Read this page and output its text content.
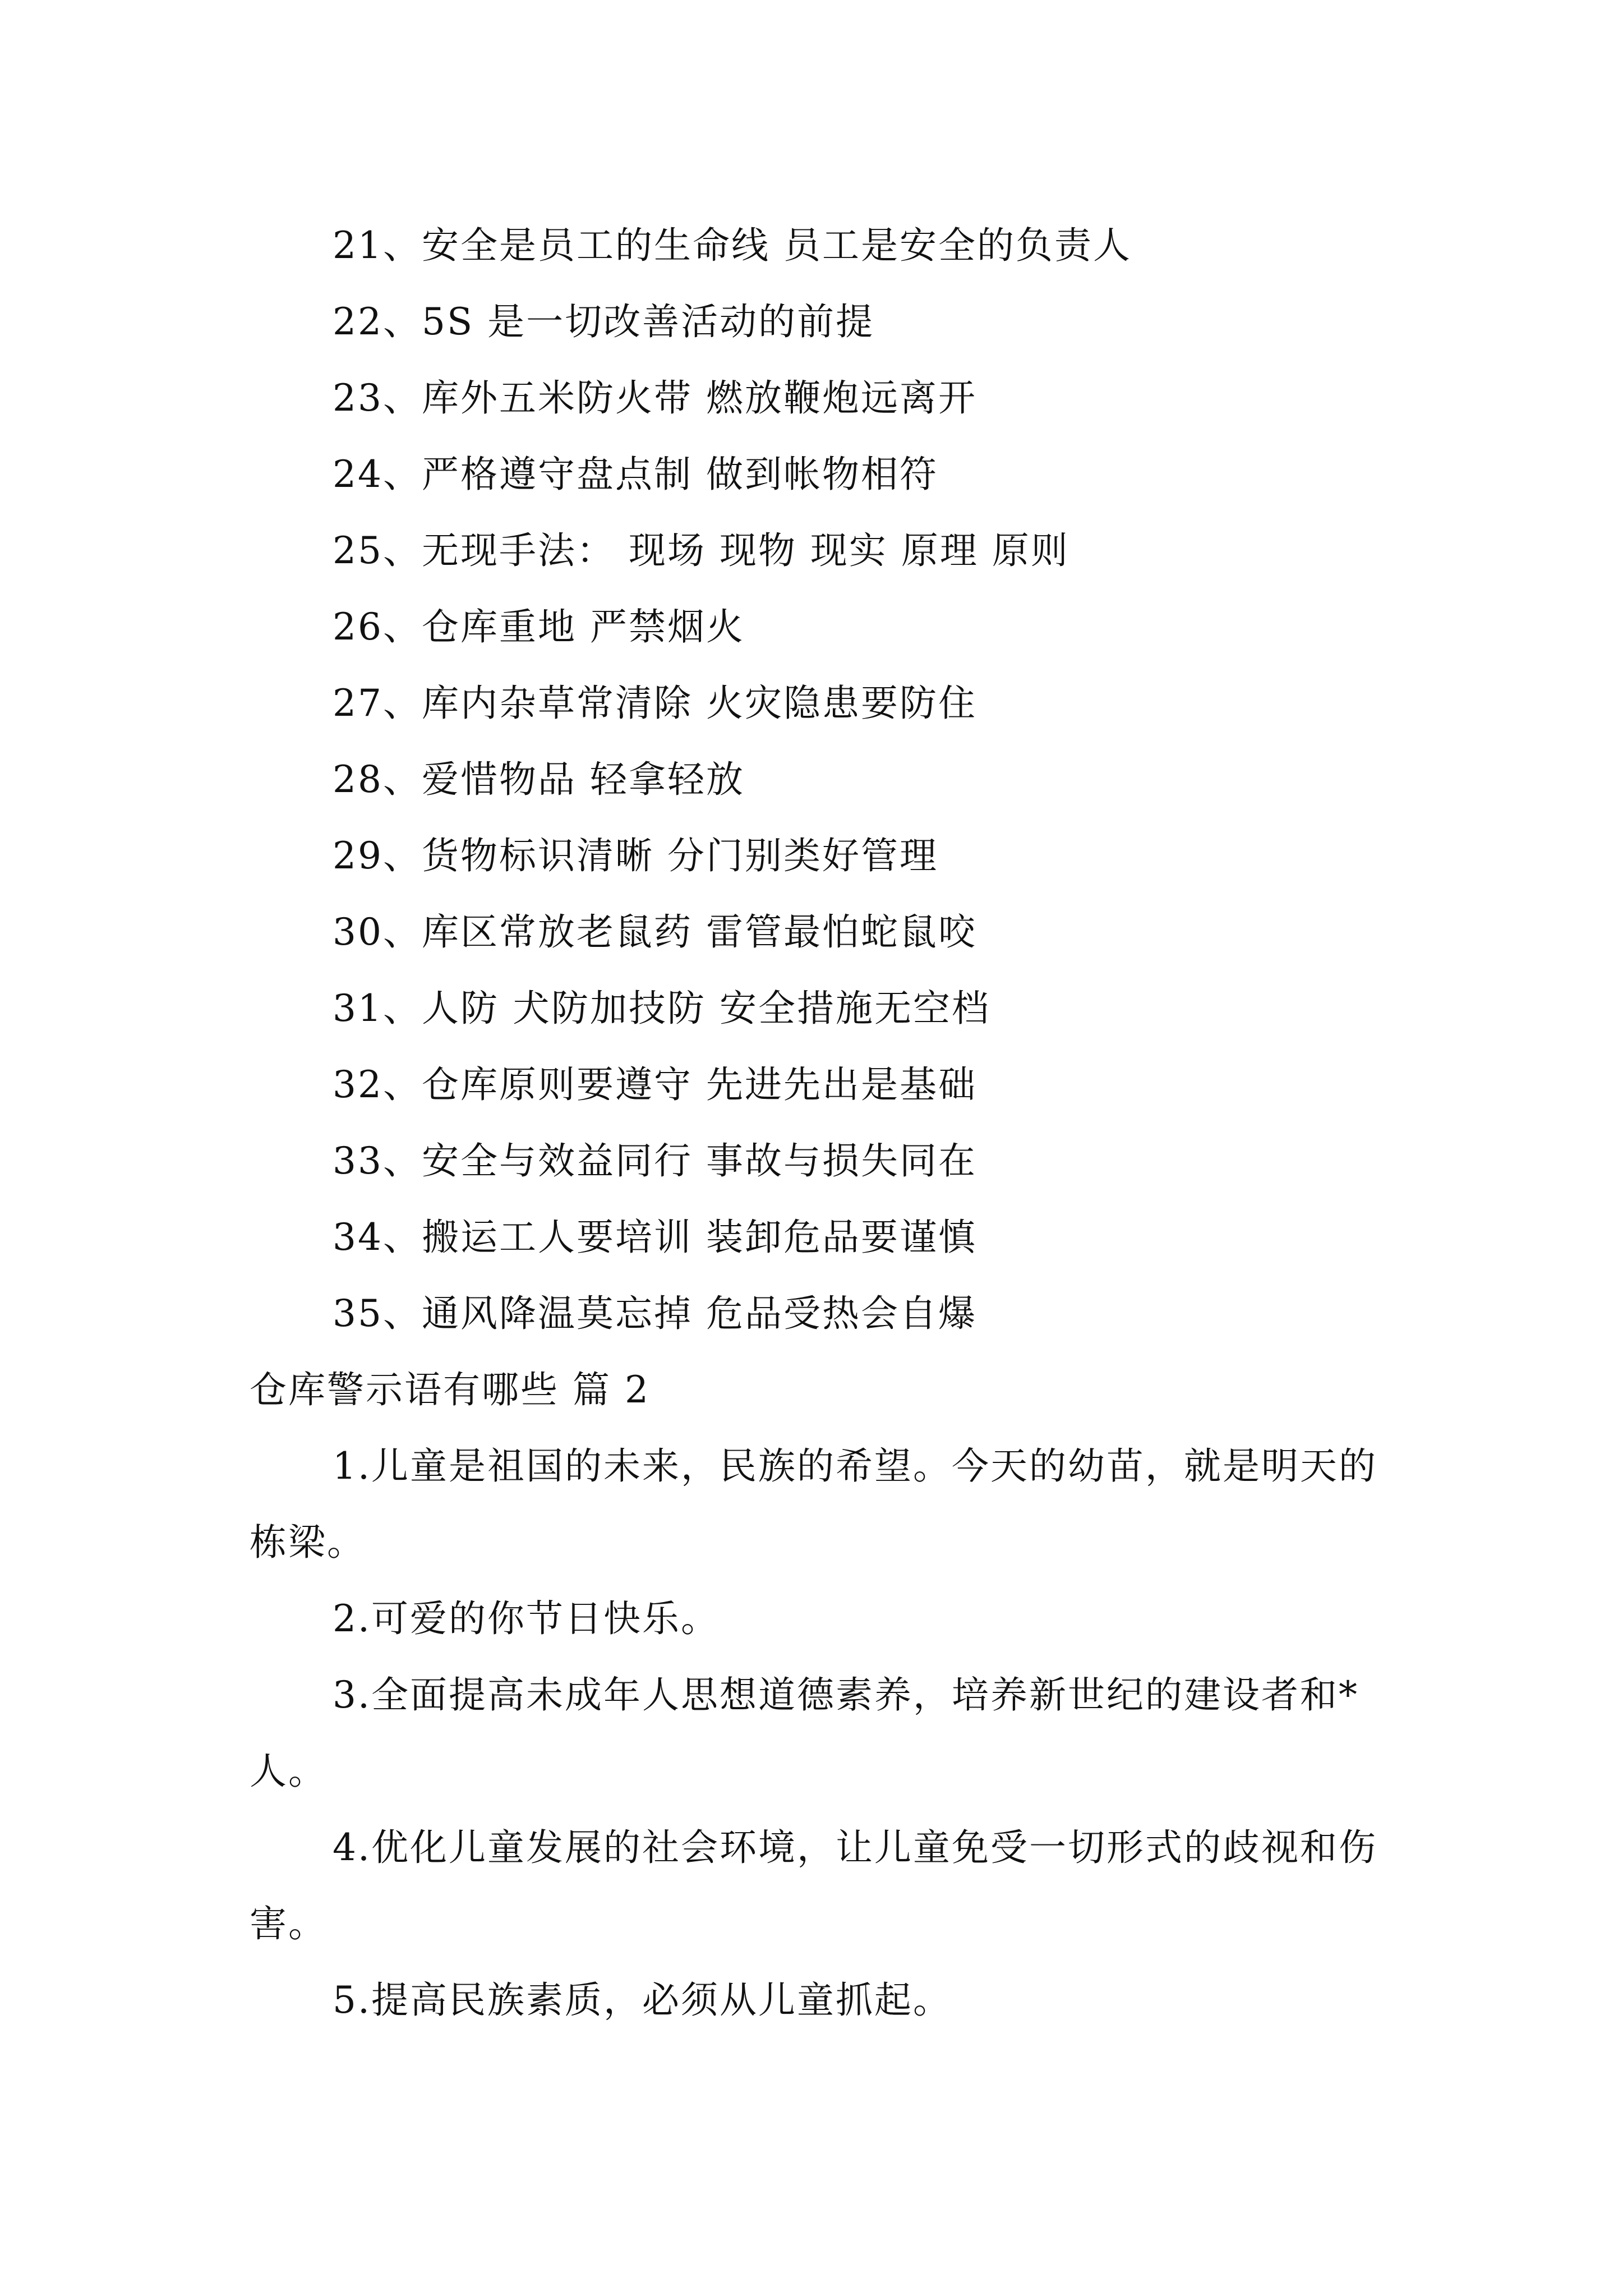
21、安全是员工的生命线 员工是安全的负责人
22、5S 是一切改善活动的前提
23、库外五米防火带 燃放鞭炮远离开
24、严格遵守盘点制 做到帐物相符
25、无现手法： 现场 现物 现实 原理 原则
26、仓库重地 严禁烟火
27、库内杂草常清除 火灾隐患要防住
28、爱惜物品 轻拿轻放
29、货物标识清晰 分门别类好管理
30、库区常放老鼠药 雷管最怕蛇鼠咬
31、人防 犬防加技防 安全措施无空档
32、仓库原则要遵守 先进先出是基础
33、安全与效益同行 事故与损失同在
34、搬运工人要培训 装卸危品要谨慎
35、通风降温莫忘掉 危品受热会自爆
仓库警示语有哪些 篇 2

1.儿童是祖国的未来，民族的希望。今天的幼苗，就是明天的栋梁。

2.可爱的你节日快乐。

3.全面提高未成年人思想道德素养，培养新世纪的建设者和*人。

4.优化儿童发展的社会环境，让儿童免受一切形式的歧视和伤害。

5.提高民族素质，必须从儿童抓起。
